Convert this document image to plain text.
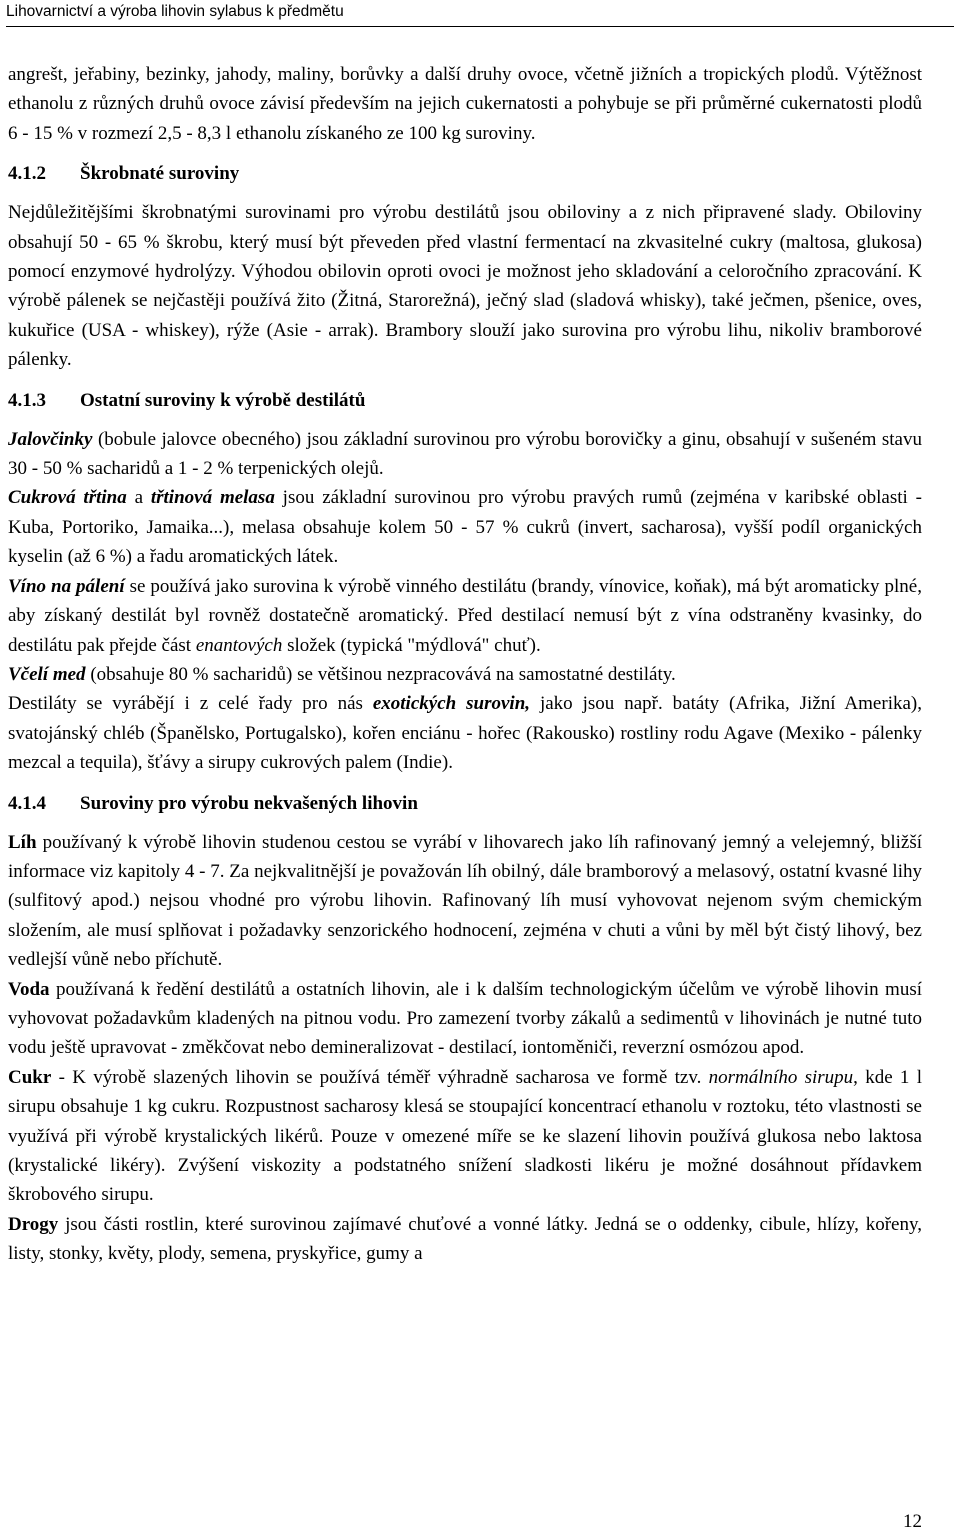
Lihovarnictví a výroba lihovin sylabus k předmětu

angrešt, jeřabiny, bezinky, jahody, maliny, borůvky a další druhy ovoce, včetně jižních a tropických plodů. Výtěžnost ethanolu z různých druhů ovoce závisí především na jejich cukernatosti a pohybuje se při průměrné cukernatosti plodů 6 - 15 % v rozmezí 2,5 - 8,3 l ethanolu získaného ze 100 kg suroviny.

4.1.2 Škrobnaté suroviny

Nejdůležitějšími škrobnatými surovinami pro výrobu destilátů jsou obiloviny a z nich připravené slady. Obiloviny obsahují 50 - 65 % škrobu, který musí být převeden před vlastní fermentací na zkvasitelné cukry (maltosa, glukosa) pomocí enzymové hydrolýzy. Výhodou obilovin oproti ovoci je možnost jeho skladování a celoročního zpracování. K výrobě pálenek se nejčastěji používá žito (Žitná, Starorežná), ječný slad (sladová whisky), také ječmen, pšenice, oves, kukuřice (USA - whiskey), rýže (Asie - arrak). Brambory slouží jako surovina pro výrobu lihu, nikoliv bramborové pálenky.

4.1.3 Ostatní suroviny k výrobě destilátů

Jalovčinky (bobule jalovce obecného) jsou základní surovinou pro výrobu borovičky a ginu, obsahují v sušeném stavu 30 - 50 % sacharidů a 1 - 2 % terpenických olejů.

Cukrová třtina a třtinová melasa jsou základní surovinou pro výrobu pravých rumů (zejména v karibské oblasti - Kuba, Portoriko, Jamaika...), melasa obsahuje kolem 50 - 57 % cukrů (invert, sacharosa), vyšší podíl organických kyselin (až 6 %) a řadu aromatických látek.

Víno na pálení se používá jako surovina k výrobě vinného destilátu (brandy, vínovice, koňak), má být aromaticky plné, aby získaný destilát byl rovněž dostatečně aromatický. Před destilací nemusí být z vína odstraněny kvasinky, do destilátu pak přejde část enantových složek (typická "mýdlová" chuť).

Včelí med (obsahuje 80 % sacharidů) se většinou nezpracovává na samostatné destiláty.

Destiláty se vyrábějí i z celé řady pro nás exotických surovin, jako jsou např. batáty (Afrika, Jižní Amerika), svatojánský chléb (Španělsko, Portugalsko), kořen enciánu - hořec (Rakousko) rostliny rodu Agave (Mexiko - pálenky mezcal a tequila), šťávy a sirupy cukrových palem (Indie).

4.1.4 Suroviny pro výrobu nekvašených lihovin

Líh používaný k výrobě lihovin studenou cestou se vyrábí v lihovarech jako líh rafinovaný jemný a velejemný, bližší informace viz kapitoly 4 - 7. Za nejkvalitnější je považován líh obilný, dále bramborový a melasový, ostatní kvasné lihy (sulfitový apod.) nejsou vhodné pro výrobu lihovin. Rafinovaný líh musí vyhovovat nejenom svým chemickým složením, ale musí splňovat i požadavky senzorického hodnocení, zejména v chuti a vůni by měl být čistý lihový, bez vedlejší vůně nebo příchutě.

Voda používaná k ředění destilátů a ostatních lihovin, ale i k dalším technologickým účelům ve výrobě lihovin musí vyhovovat požadavkům kladených na pitnou vodu. Pro zamezení tvorby zákalů a sedimentů v lihovinách je nutné tuto vodu ještě upravovat - změkčovat nebo demineralizovat - destilací, iontoměniči, reverzní osmózou apod.

Cukr - K výrobě slazených lihovin se používá téměř výhradně sacharosa ve formě tzv. normálního sirupu, kde 1 l sirupu obsahuje 1 kg cukru. Rozpustnost sacharosy klesá se stoupající koncentrací ethanolu v roztoku, této vlastnosti se využívá při výrobě krystalických likérů. Pouze v omezené míře se ke slazení lihovin používá glukosa nebo laktosa (krystalické likéry). Zvýšení viskozity a podstatného snížení sladkosti likéru je možné dosáhnout přídavkem škrobového sirupu.

Drogy jsou části rostlin, které surovinou zajímavé chuťové a vonné látky. Jedná se o oddenky, cibule, hlízy, kořeny, listy, stonky, květy, plody, semena, pryskyřice, gumy a

12
